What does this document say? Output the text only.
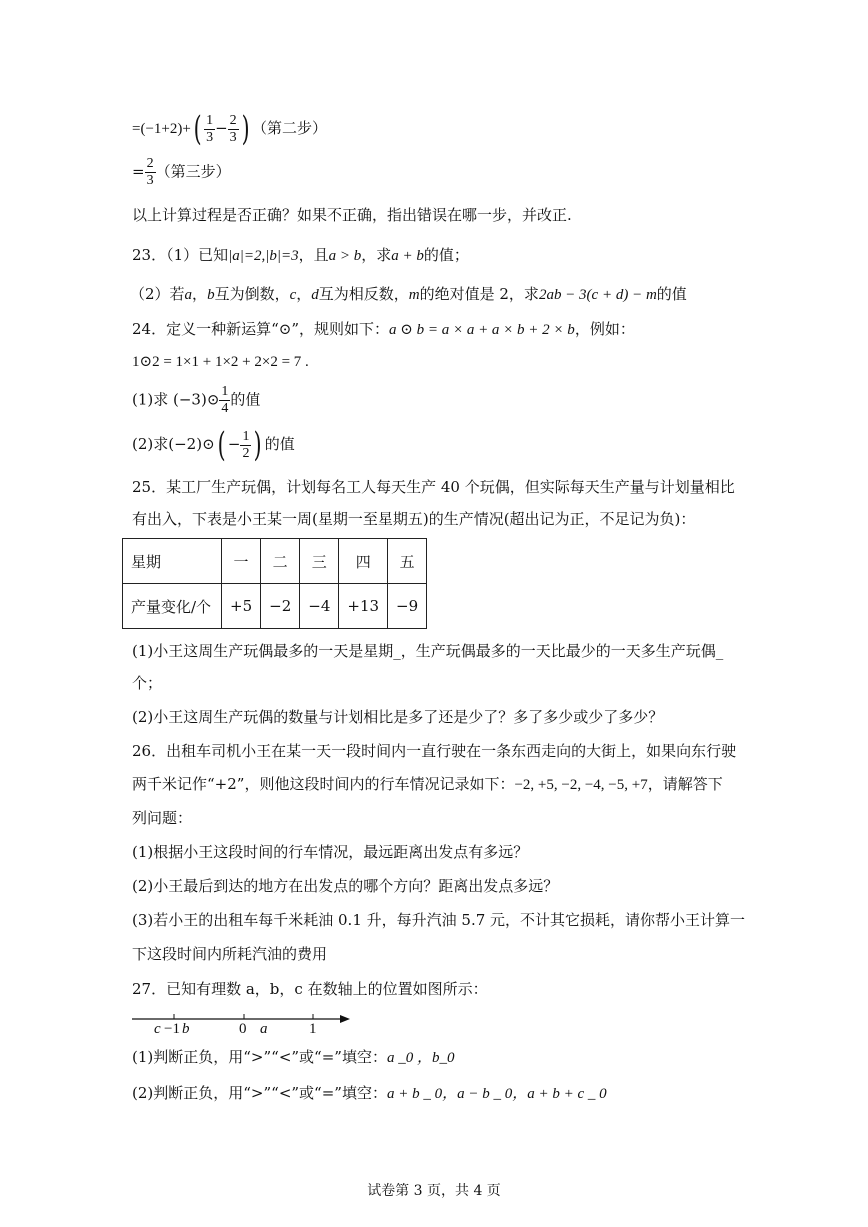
$=(-1+2)+( \frac{1}{3} - \frac{2}{3}$ ) （第二步）
= $\frac{2}{3}$ （第三步）
以上计算过程是否正确？如果不正确，指出错误在哪一步，并改正.
23．（1）已知|a|=2,|b|=3，且a > b，求a + b的值；
（2）若a，b互为倒数，c，d互为相反数，m的绝对值是 2，求2ab − 3(c + d) − m的值
24．定义一种新运算“⊙”，规则如下：a ⊙ b = a × a + a × b + 2 × b，例如：
1⊙2 = 1×1 + 1×2 + 2×2 = 7 .
(1)求 (−3)⊙ $\frac{1}{4}$ 的值
(2)求(−2)⊙( − $\frac{1}{2}$ ) 的值
25．某工厂生产玩偶，计划每名工人每天生产 40 个玩偶，但实际每天生产量与计划量相比
有出入，下表是小王某一周(星期一至星期五)的生产情况(超出记为正，不足记为负)：
星期	一	二	三	四	五
产量变化/个	+5	−2	−4	+13	−9
(1)小王这周生产玩偶最多的一天是星期_，生产玩偶最多的一天比最少的一天多生产玩偶_
个；
(2)小王这周生产玩偶的数量与计划相比是多了还是少了？多了多少或少了多少？
26．出租车司机小王在某一天一段时间内一直行驶在一条东西走向的大街上，如果向东行驶
两千米记作“+2”，则他这段时间内的行车情况记录如下：−2, +5, −2, −4, −5, +7，请解答下
列问题：
(1)根据小王这段时间的行车情况，最远距离出发点有多远？
(2)小王最后到达的地方在出发点的哪个方向？距离出发点多远？
(3)若小王的出租车每千米耗油 0.1 升，每升汽油 5.7 元，不计其它损耗，请你帮小王计算一
下这段时间内所耗汽油的费用
27．已知有理数 a，b，c 在数轴上的位置如图所示：
c −1 b	0 a	1
(1)判断正负，用“>”“<”或“=”填空：a _0 ，b_0
(2)判断正负，用“>”“<”或“=”填空：a + b _ 0，a − b _ 0，a + b + c _ 0
试卷第 3 页，共 4 页
